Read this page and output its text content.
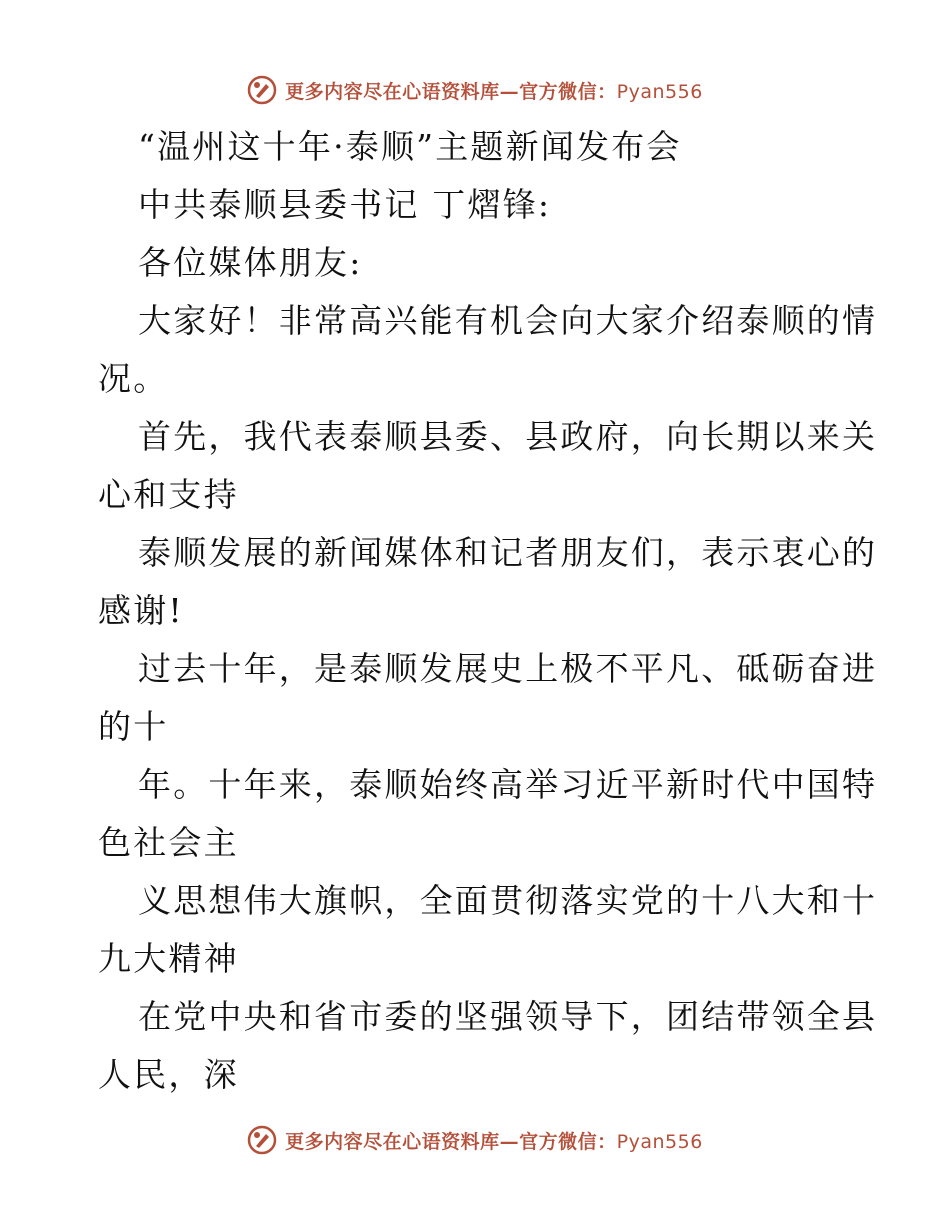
更多内容尽在心语资料库—官方微信：Pyan556
“温州这十年·泰顺”主题新闻发布会
中共泰顺县委书记 丁熠锋:
各位媒体朋友:
大家好！非常高兴能有机会向大家介绍泰顺的情
况。
首先，我代表泰顺县委、县政府，向长期以来关
心和支持
泰顺发展的新闻媒体和记者朋友们，表示衷心的
感谢!
过去十年，是泰顺发展史上极不平凡、砥砺奋进
的十
年。十年来，泰顺始终高举习近平新时代中国特
色社会主
义思想伟大旗帜，全面贯彻落实党的十八大和十
九大精神
在党中央和省市委的坚强领导下，团结带领全县
人民，深
更多内容尽在心语资料库—官方微信：Pyan556
